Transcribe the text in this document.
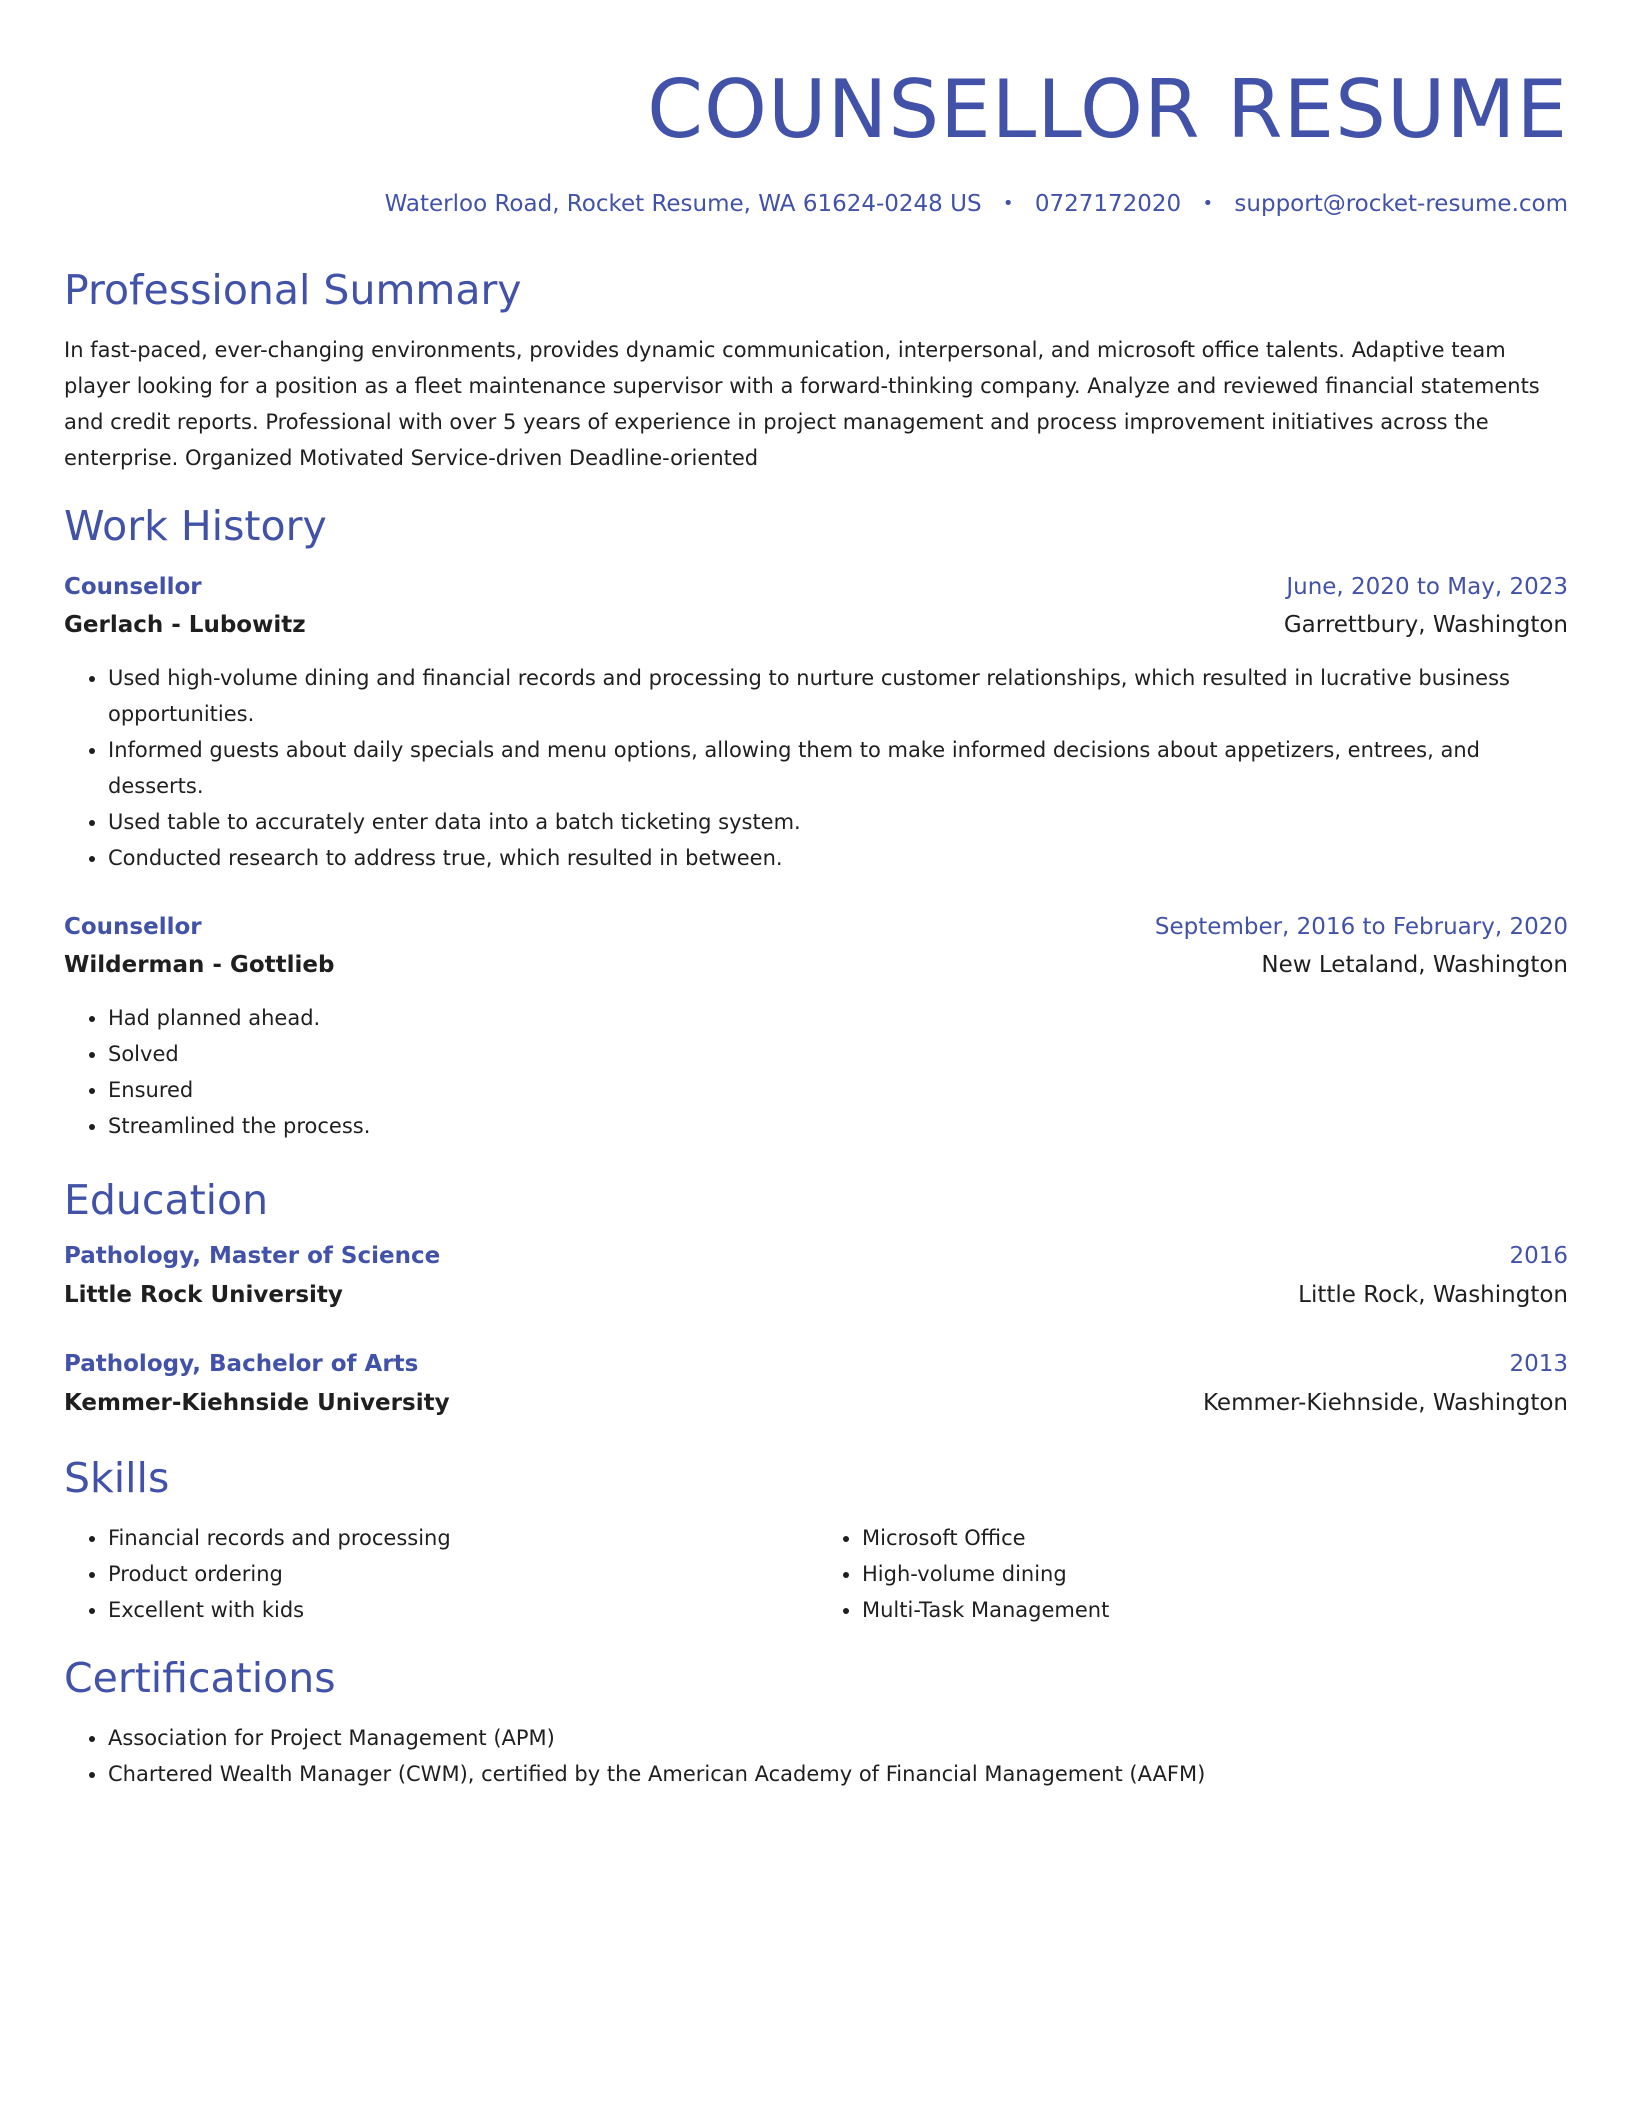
COUNSELLOR RESUME
Waterloo Road, Rocket Resume, WA 61624-0248 US • 0727172020 • support@rocket-resume.com
Professional Summary

In fast-paced, ever-changing environments, provides dynamic communication, interpersonal, and microsoft office talents. Adaptive team player looking for a position as a fleet maintenance supervisor with a forward-thinking company. Analyze and reviewed financial statements and credit reports. Professional with over 5 years of experience in project management and process improvement initiatives across the enterprise. Organized Motivated Service-driven Deadline-oriented

Work History
Counsellor	June, 2020 to May, 2023
Gerlach - Lubowitz	Garrettbury, Washington
• Used high-volume dining and financial records and processing to nurture customer relationships, which resulted in lucrative business opportunities.
• Informed guests about daily specials and menu options, allowing them to make informed decisions about appetizers, entrees, and desserts.
• Used table to accurately enter data into a batch ticketing system.
• Conducted research to address true, which resulted in between.
Counsellor	September, 2016 to February, 2020
Wilderman - Gottlieb	New Letaland, Washington
• Had planned ahead.
• Solved
• Ensured
• Streamlined the process.
Education
Pathology, Master of Science	2016
Little Rock University	Little Rock, Washington
Pathology, Bachelor of Arts	2013
Kemmer-Kiehnside University	Kemmer-Kiehnside, Washington
Skills
• Financial records and processing
• Product ordering
• Excellent with kids
• Microsoft Office
• High-volume dining
• Multi-Task Management
Certifications
• Association for Project Management (APM)
• Chartered Wealth Manager (CWM), certified by the American Academy of Financial Management (AAFM)
